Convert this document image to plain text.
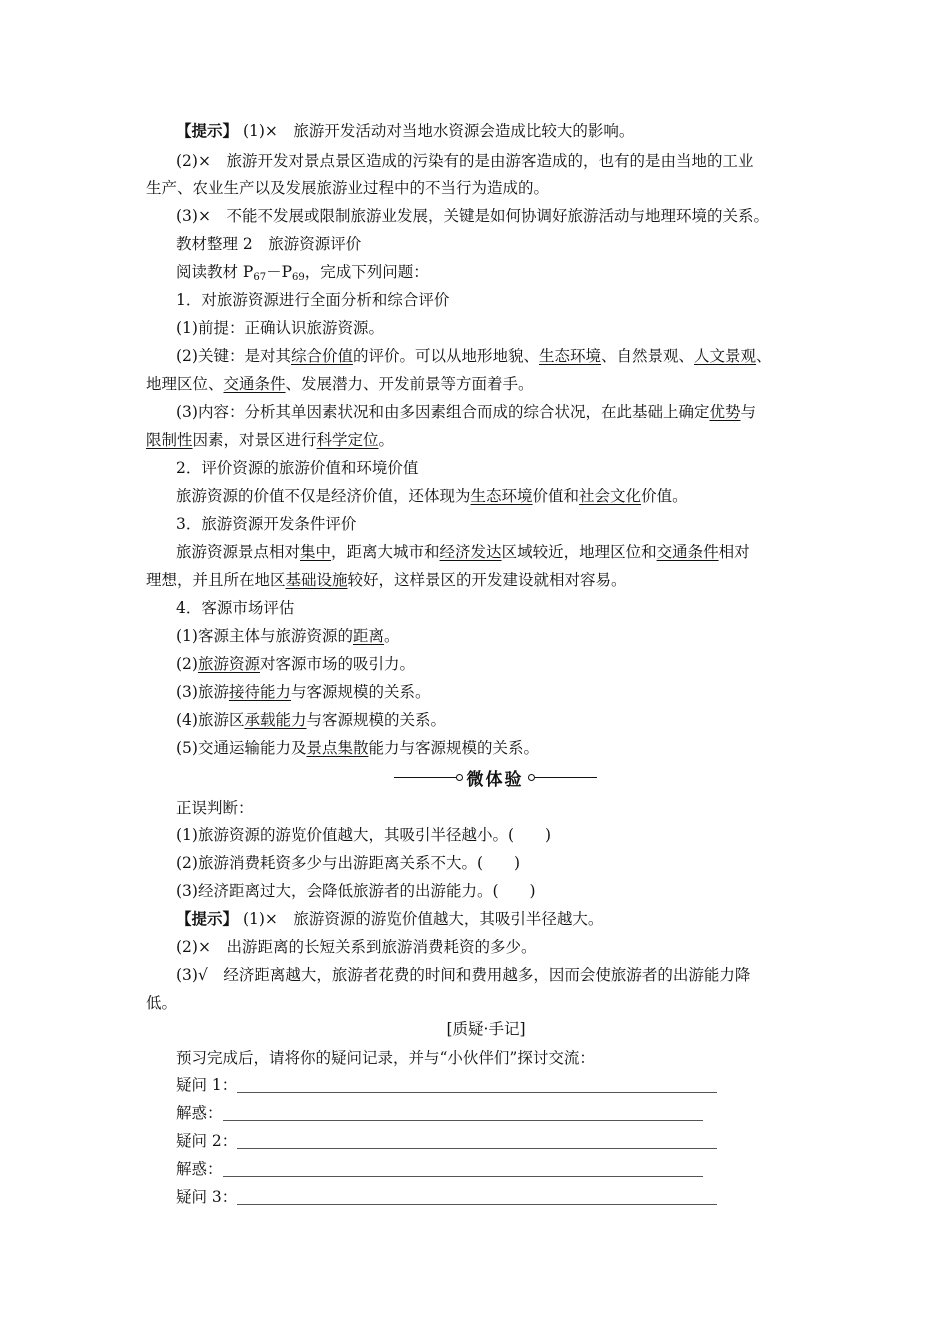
【提示】 (1)×　旅游开发活动对当地水资源会造成比较大的影响。
(2)×　旅游开发对景点景区造成的污染有的是由游客造成的，也有的是由当地的工业
生产、农业生产以及发展旅游业过程中的不当行为造成的。
(3)×　不能不发展或限制旅游业发展，关键是如何协调好旅游活动与地理环境的关系。
教材整理 2　旅游资源评价
阅读教材 $P_{67}-P_{69}$，完成下列问题：
1．对旅游资源进行全面分析和综合评价
(1)前提：正确认识旅游资源。
(2)关键：是对其综合价值的评价。可以从地形地貌、生态环境、自然景观、人文景观、
地理区位、交通条件、发展潜力、开发前景等方面着手。
(3)内容：分析其单因素状况和由多因素组合而成的综合状况，在此基础上确定优势与
限制性因素，对景区进行科学定位。
2．评价资源的旅游价值和环境价值
旅游资源的价值不仅是经济价值，还体现为生态环境价值和社会文化价值。
3．旅游资源开发条件评价
旅游资源景点相对集中，距离大城市和经济发达区域较近，地理区位和交通条件相对
理想，并且所在地区基础设施较好，这样景区的开发建设就相对容易。
4．客源市场评估
(1)客源主体与旅游资源的距离。
(2)旅游资源对客源市场的吸引力。
(3)旅游接待能力与客源规模的关系。
(4)旅游区承载能力与客源规模的关系。
(5)交通运输能力及景点集散能力与客源规模的关系。
微体验
正误判断：
(1)旅游资源的游览价值越大，其吸引半径越小。(　　)
(2)旅游消费耗资多少与出游距离关系不大。(　　)
(3)经济距离过大，会降低旅游者的出游能力。(　　)
【提示】 (1)×　旅游资源的游览价值越大，其吸引半径越大。
(2)×　出游距离的长短关系到旅游消费耗资的多少。
(3)√　经济距离越大，旅游者花费的时间和费用越多，因而会使旅游者的出游能力降
低。
[质疑·手记]
预习完成后，请将你的疑问记录，并与“小伙伴们”探讨交流：
疑问 1：
解惑：
疑问 2：
解惑：
疑问 3：
